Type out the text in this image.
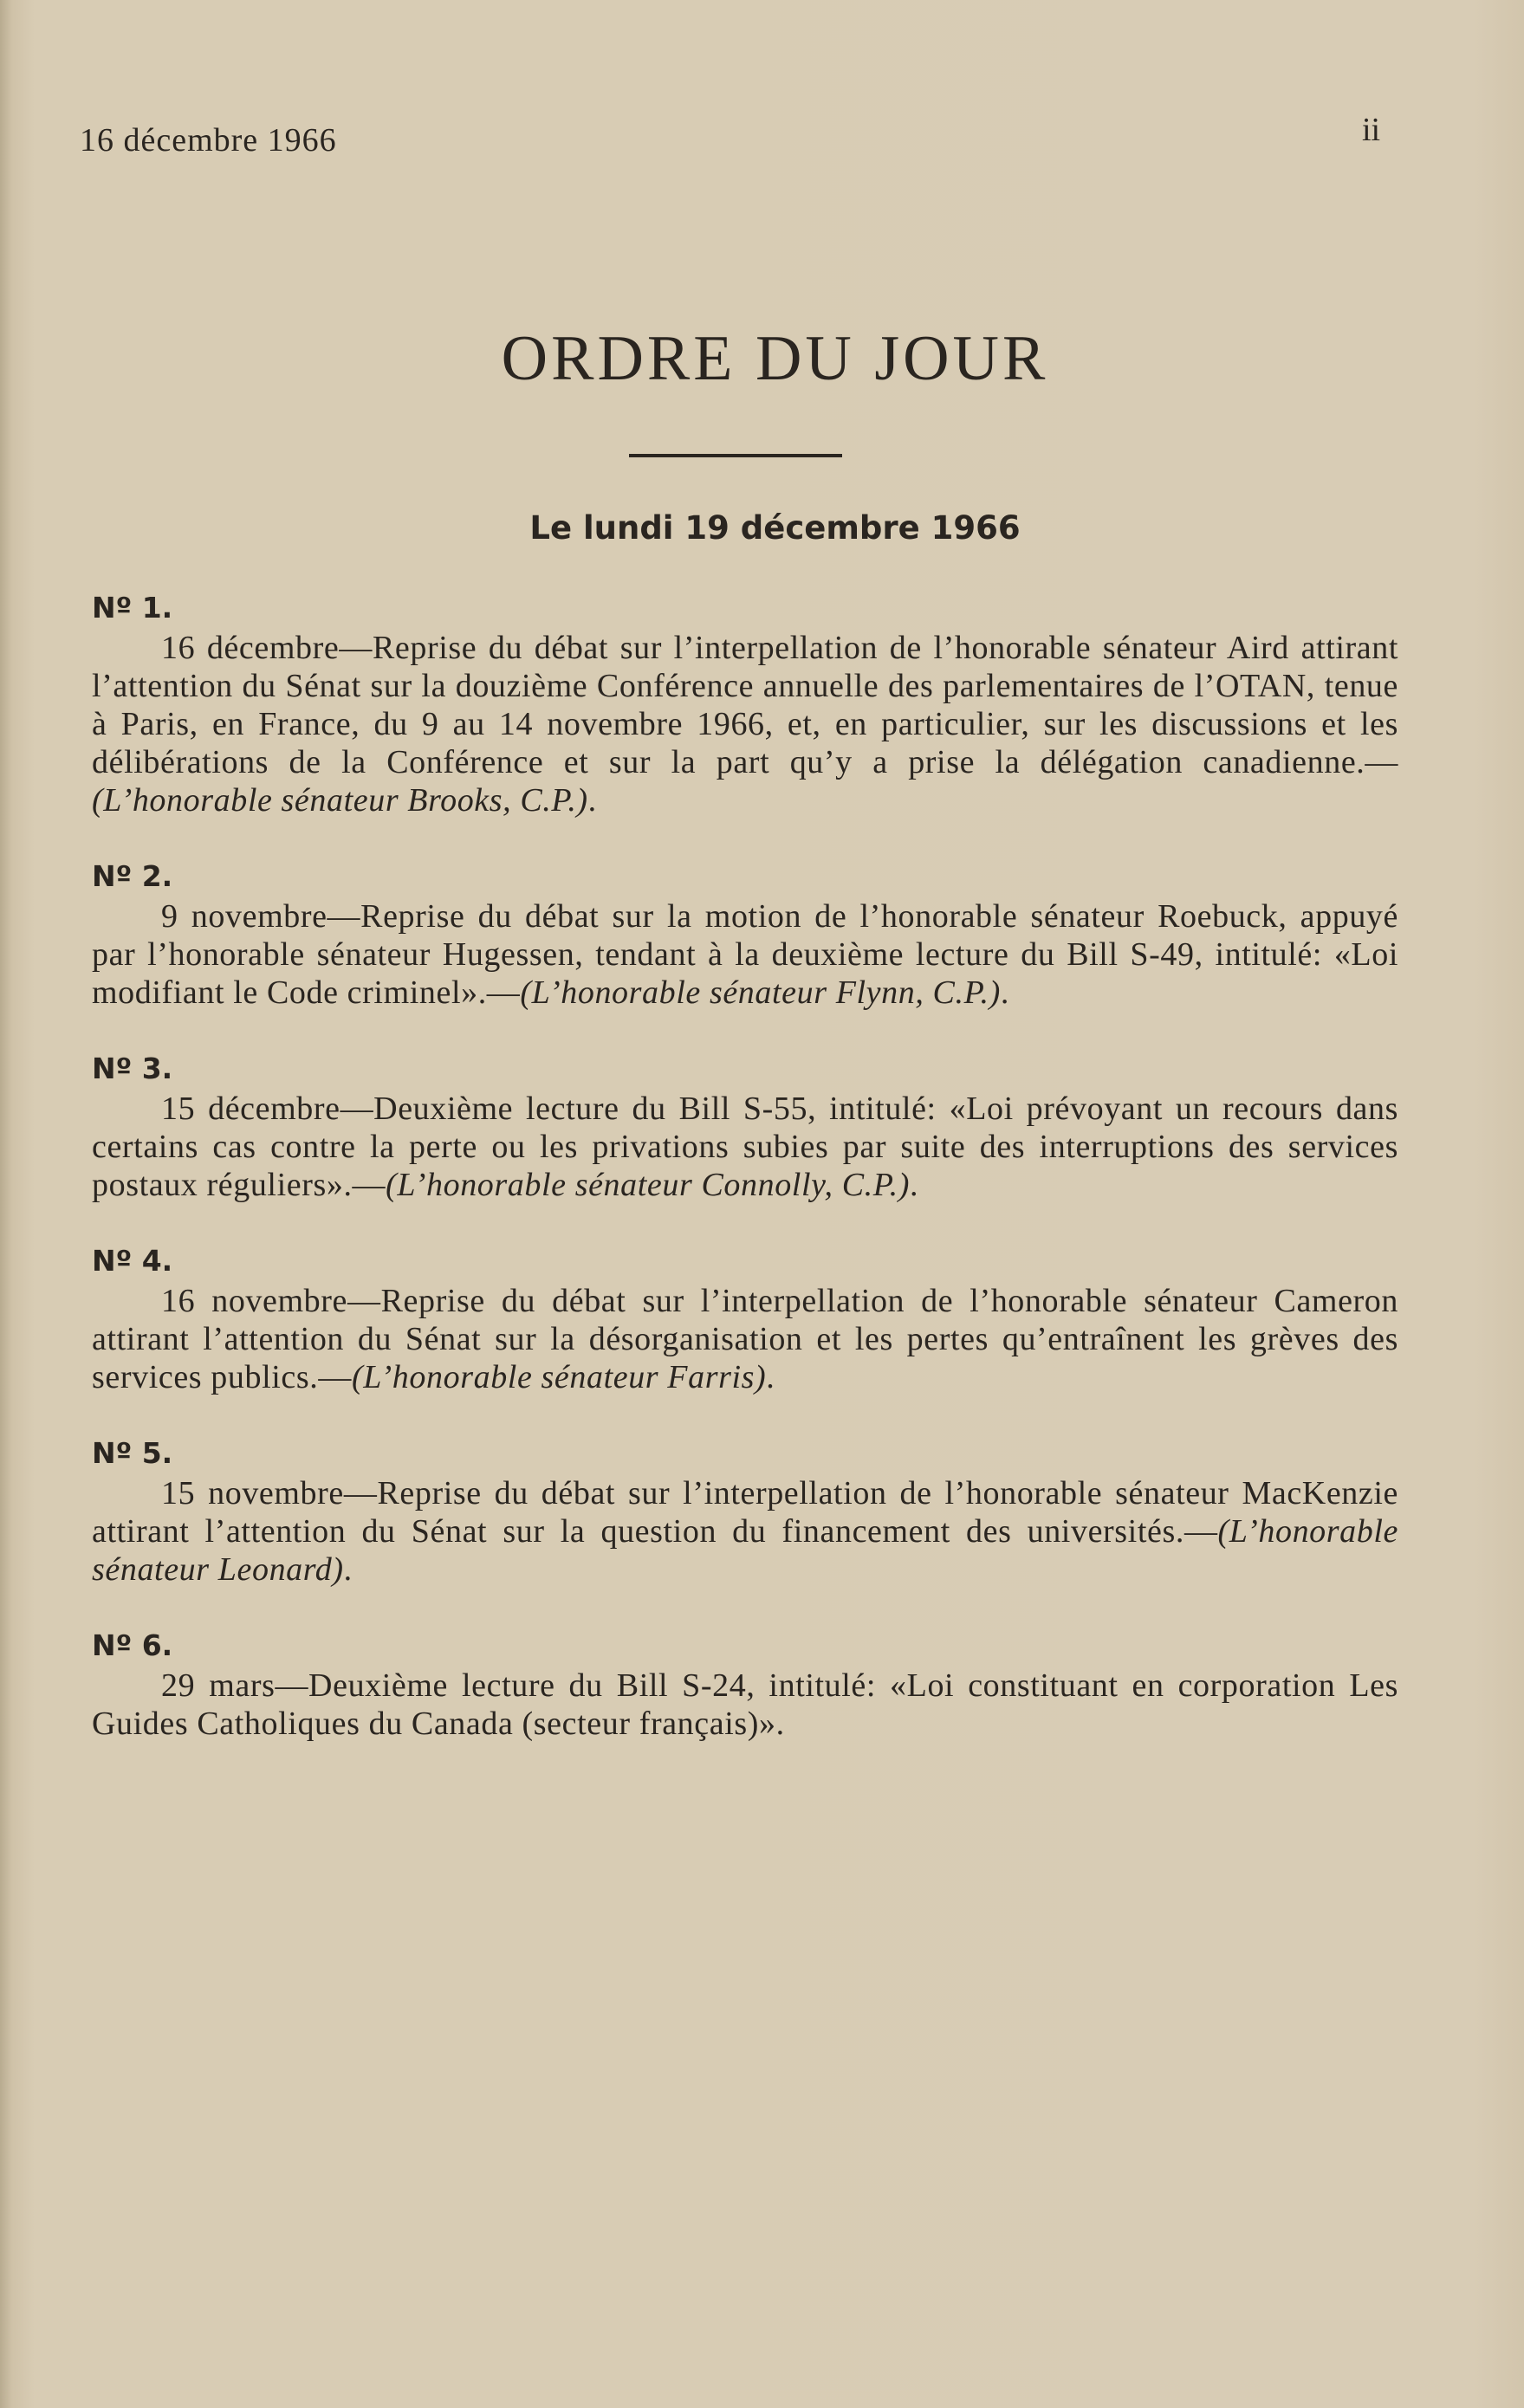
16 décembre 1966	ii
ORDRE DU JOUR
Le lundi 19 décembre 1966
Nº 1.
16 décembre—Reprise du débat sur l’interpellation de l’honorable sénateur Aird attirant l’attention du Sénat sur la douzième Conférence annuelle des parlementaires de l’OTAN, tenue à Paris, en France, du 9 au 14 novembre 1966, et, en particulier, sur les discussions et les délibérations de la Conférence et sur la part qu’y a prise la délégation canadienne.—(L’honorable sénateur Brooks, C.P.).
Nº 2.
9 novembre—Reprise du débat sur la motion de l’honorable sénateur Roebuck, appuyé par l’honorable sénateur Hugessen, tendant à la deuxième lecture du Bill S-49, intitulé: «Loi modifiant le Code criminel».—(L’honorable sénateur Flynn, C.P.).
Nº 3.
15 décembre—Deuxième lecture du Bill S-55, intitulé: «Loi prévoyant un recours dans certains cas contre la perte ou les privations subies par suite des interruptions des services postaux réguliers».—(L’honorable sénateur Connolly, C.P.).
Nº 4.
16 novembre—Reprise du débat sur l’interpellation de l’honorable sénateur Cameron attirant l’attention du Sénat sur la désorganisation et les pertes qu’entraînent les grèves des services publics.—(L’honorable sénateur Farris).
Nº 5.
15 novembre—Reprise du débat sur l’interpellation de l’honorable sénateur MacKenzie attirant l’attention du Sénat sur la question du financement des universités.—(L’honorable sénateur Leonard).
Nº 6.
29 mars—Deuxième lecture du Bill S-24, intitulé: «Loi constituant en corporation Les Guides Catholiques du Canada (secteur français)».
